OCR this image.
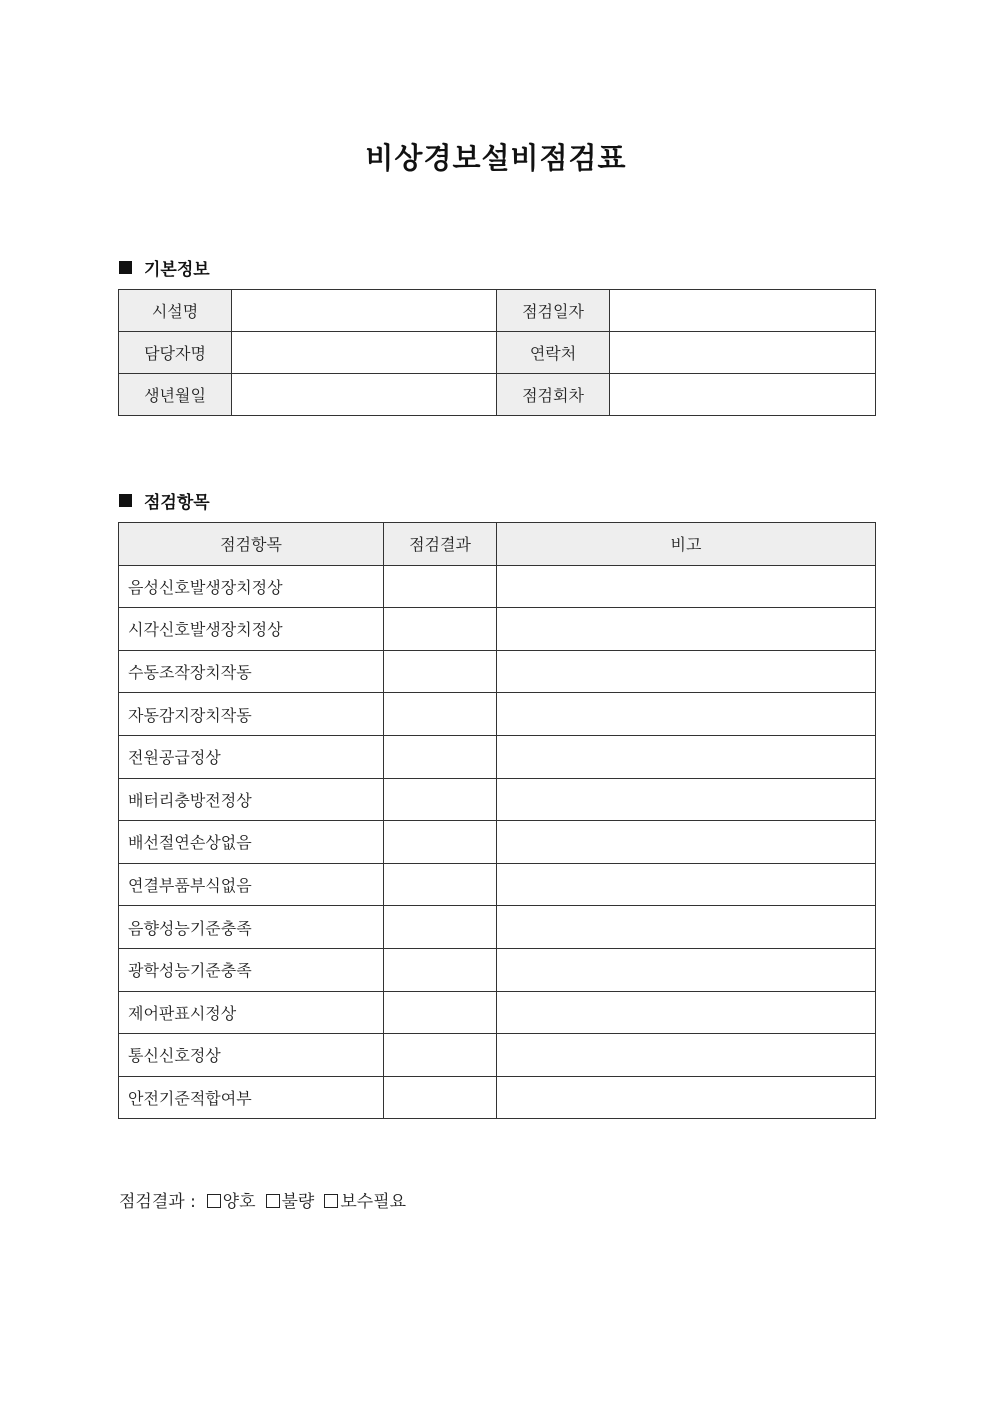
비상경보설비점검표
기본정보
시설명		점검일자	
담당자명		연락처	
생년월일		점검회차	
점검항목
점검항목	점검결과	비고
음성신호발생장치정상		
시각신호발생장치정상		
수동조작장치작동		
자동감지장치작동		
전원공급정상		
배터리충방전정상		
배선절연손상없음		
연결부품부식없음		
음향성능기준충족		
광학성능기준충족		
제어판표시정상		
통신신호정상		
안전기준적합여부		
점검결과 :
양호 불량 보수필요
